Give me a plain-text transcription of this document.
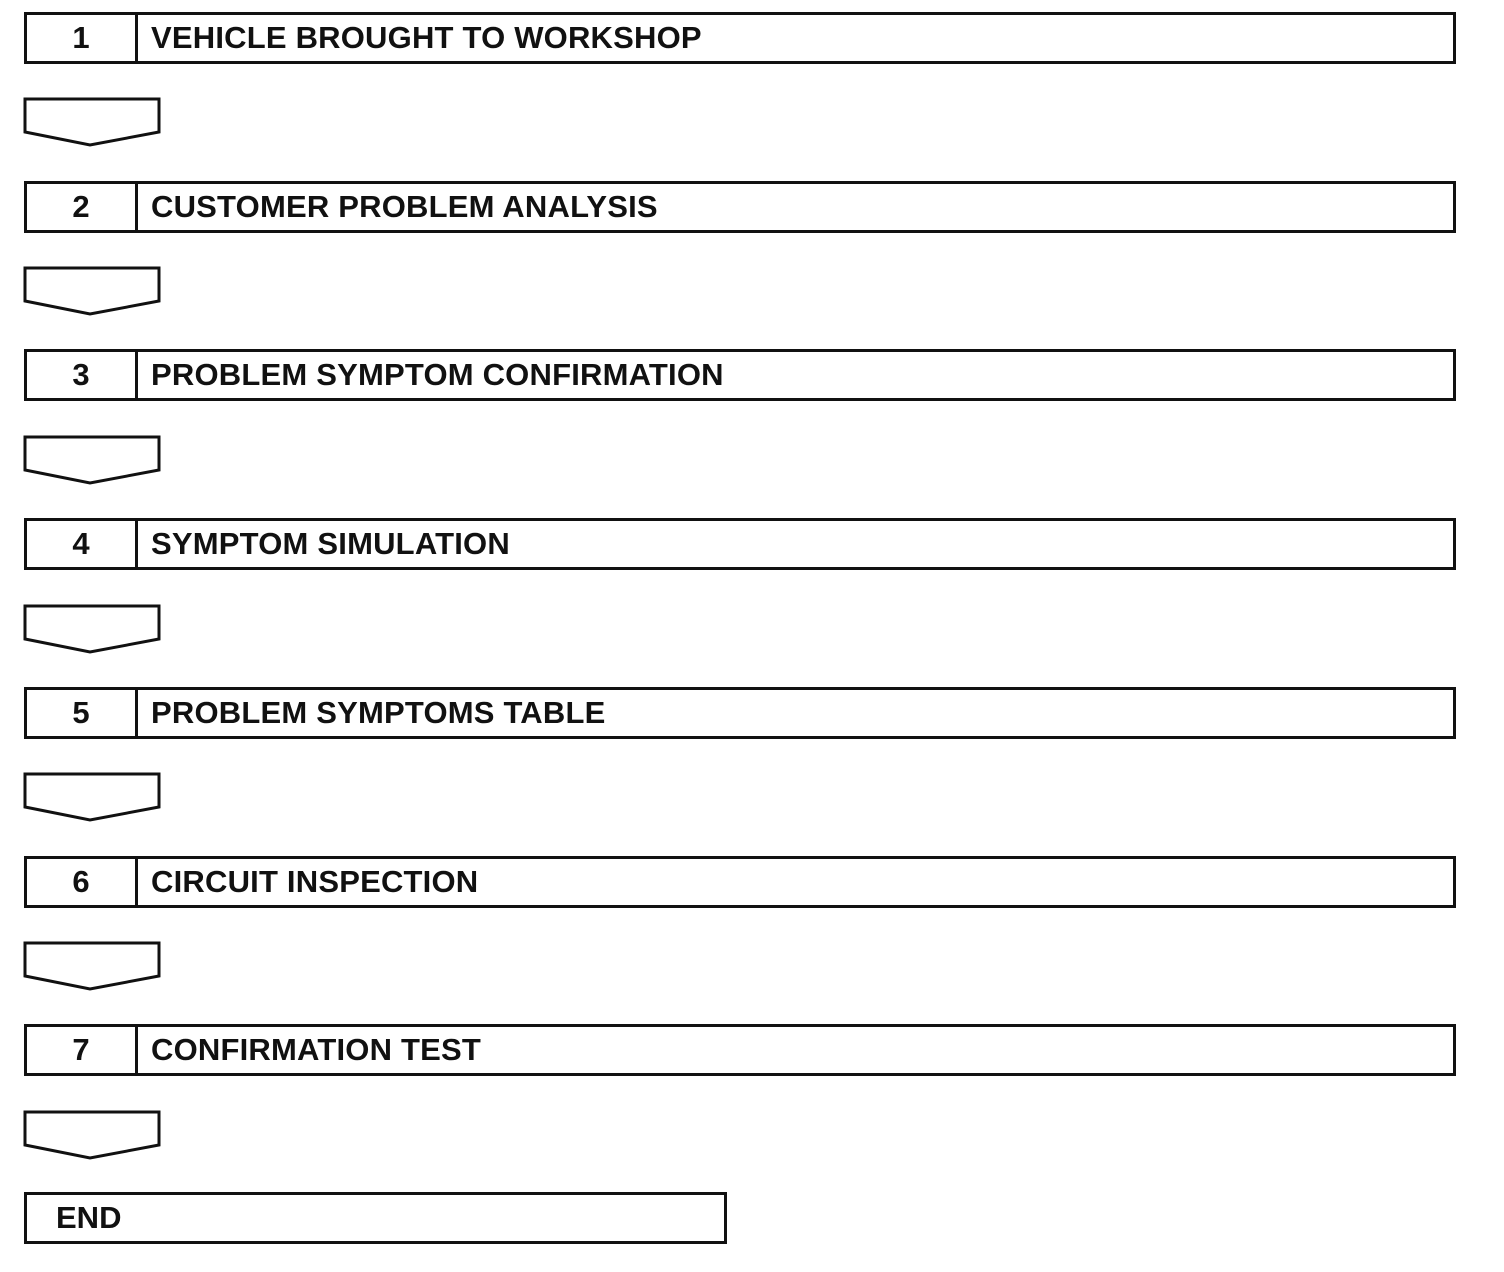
1	VEHICLE BROUGHT TO WORKSHOP
2	CUSTOMER PROBLEM ANALYSIS
3	PROBLEM SYMPTOM CONFIRMATION
4	SYMPTOM SIMULATION
5	PROBLEM SYMPTOMS TABLE
6	CIRCUIT INSPECTION
7	CONFIRMATION TEST
END
